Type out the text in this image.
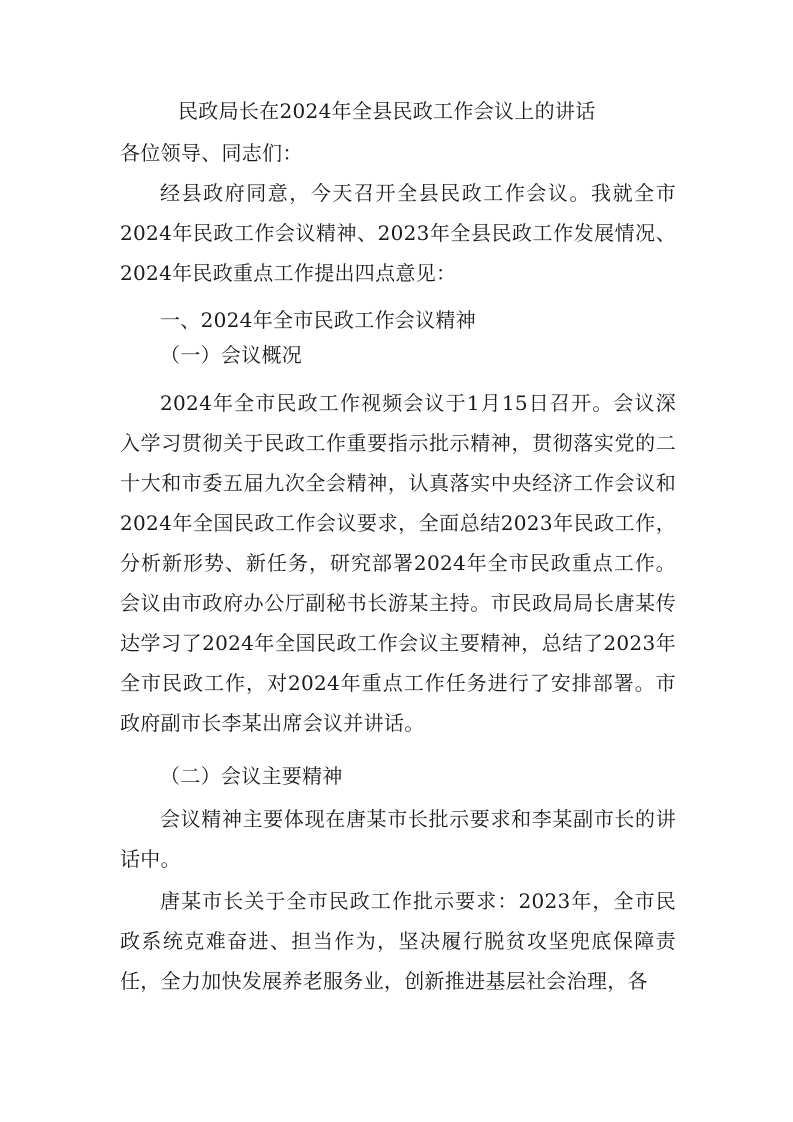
民政局长在2024年全县民政工作会议上的讲话
各位领导、同志们：
经县政府同意，今天召开全县民政工作会议。我就全市2024年民政工作会议精神、2023年全县民政工作发展情况、2024年民政重点工作提出四点意见：
一、2024年全市民政工作会议精神
（一）会议概况
2024年全市民政工作视频会议于1月15日召开。会议深入学习贯彻关于民政工作重要指示批示精神，贯彻落实党的二十大和市委五届九次全会精神，认真落实中央经济工作会议和2024年全国民政工作会议要求，全面总结2023年民政工作，分析新形势、新任务，研究部署2024年全市民政重点工作。会议由市政府办公厅副秘书长游某主持。市民政局局长唐某传达学习了2024年全国民政工作会议主要精神，总结了2023年全市民政工作，对2024年重点工作任务进行了安排部署。市政府副市长李某出席会议并讲话。
（二）会议主要精神
会议精神主要体现在唐某市长批示要求和李某副市长的讲话中。
唐某市长关于全市民政工作批示要求：2023年，全市民政系统克难奋进、担当作为，坚决履行脱贫攻坚兜底保障责任，全力加快发展养老服务业，创新推进基层社会治理，各
